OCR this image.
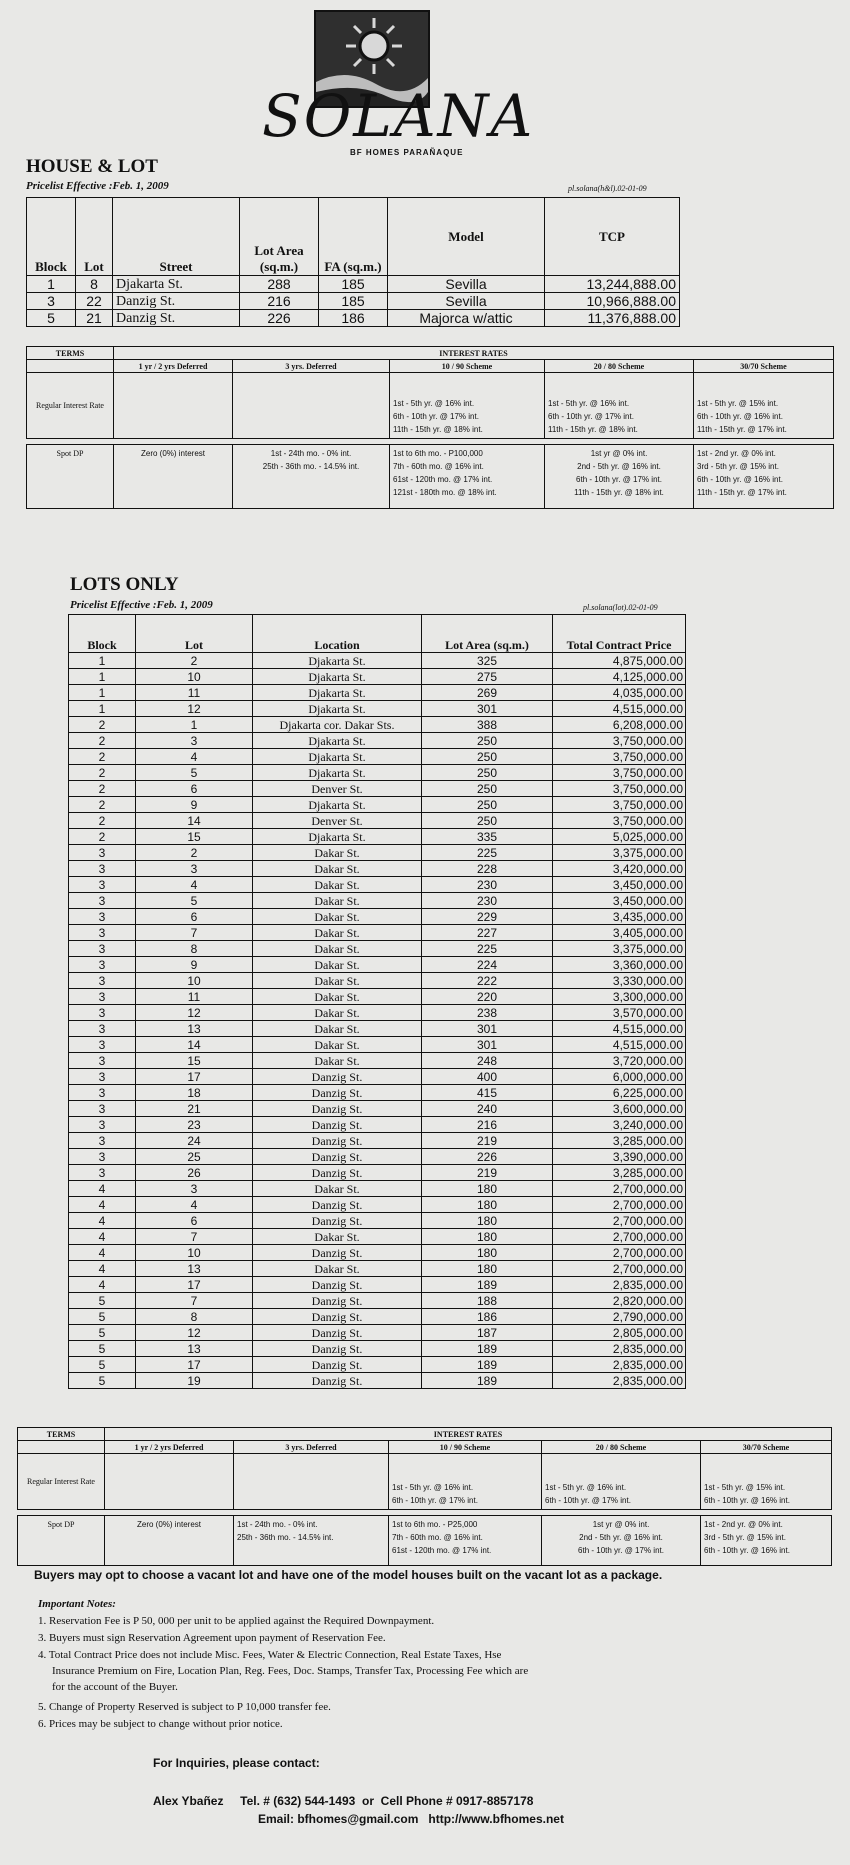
SOLANA
BF HOMES PARAÑAQUE
HOUSE & LOT
Pricelist Effective :Feb. 1, 2009	pl.solana(h&l).02-01-09
Block	Lot	Street	Lot Area (sq.m.)	FA (sq.m.)	Model	TCP
1	8	Djakarta St.	288	185	Sevilla	13,244,888.00
3	22	Danzig St.	216	185	Sevilla	10,966,888.00
5	21	Danzig St.	226	186	Majorca w/attic	11,376,888.00
TERMS	INTEREST RATES				
	1 yr / 2 yrs Deferred	3 yrs. Deferred	10 / 90 Scheme	20 / 80 Scheme	30/70 Scheme
Regular Interest Rate			1st - 5th yr. @ 16% int.
6th - 10th yr. @ 17% int.
11th - 15th yr. @ 18% int.	1st - 5th yr. @ 16% int.
6th - 10th yr. @ 17% int.
11th - 15th yr. @ 18% int.	1st - 5th yr. @ 15% int.
6th - 10th yr. @ 16% int.
11th - 15th yr. @ 17% int.

Spot DP	Zero (0%) interest	1st - 24th mo. - 0% int.
25th - 36th mo. - 14.5% int.	1st to 6th mo. - P100,000
7th - 60th mo. @ 16% int.
61st - 120th mo. @ 17% int.
121st - 180th mo. @ 18% int.	1st yr @ 0% int.
2nd - 5th yr. @ 16% int.
6th - 10th yr. @ 17% int.
11th - 15th yr. @ 18% int.	1st - 2nd yr. @ 0% int.
3rd - 5th yr. @ 15% int.
6th - 10th yr. @ 16% int.
11th - 15th yr. @ 17% int.
LOTS ONLY
Pricelist Effective :Feb. 1, 2009	pl.solana(lot).02-01-09
Block	Lot	Location	Lot Area (sq.m.)	Total Contract Price
1	2	Djakarta St.	325	4,875,000.00
1	10	Djakarta St.	275	4,125,000.00
1	11	Djakarta St.	269	4,035,000.00
1	12	Djakarta St.	301	4,515,000.00
2	1	Djakarta cor. Dakar Sts.	388	6,208,000.00
2	3	Djakarta St.	250	3,750,000.00
2	4	Djakarta St.	250	3,750,000.00
2	5	Djakarta St.	250	3,750,000.00
2	6	Denver St.	250	3,750,000.00
2	9	Djakarta St.	250	3,750,000.00
2	14	Denver St.	250	3,750,000.00
2	15	Djakarta St.	335	5,025,000.00
3	2	Dakar St.	225	3,375,000.00
3	3	Dakar St.	228	3,420,000.00
3	4	Dakar St.	230	3,450,000.00
3	5	Dakar St.	230	3,450,000.00
3	6	Dakar St.	229	3,435,000.00
3	7	Dakar St.	227	3,405,000.00
3	8	Dakar St.	225	3,375,000.00
3	9	Dakar St.	224	3,360,000.00
3	10	Dakar St.	222	3,330,000.00
3	11	Dakar St.	220	3,300,000.00
3	12	Dakar St.	238	3,570,000.00
3	13	Dakar St.	301	4,515,000.00
3	14	Dakar St.	301	4,515,000.00
3	15	Dakar St.	248	3,720,000.00
3	17	Danzig St.	400	6,000,000.00
3	18	Danzig St.	415	6,225,000.00
3	21	Danzig St.	240	3,600,000.00
3	23	Danzig St.	216	3,240,000.00
3	24	Danzig St.	219	3,285,000.00
3	25	Danzig St.	226	3,390,000.00
3	26	Danzig St.	219	3,285,000.00
4	3	Dakar St.	180	2,700,000.00
4	4	Danzig St.	180	2,700,000.00
4	6	Danzig St.	180	2,700,000.00
4	7	Dakar St.	180	2,700,000.00
4	10	Danzig St.	180	2,700,000.00
4	13	Dakar St.	180	2,700,000.00
4	17	Danzig St.	189	2,835,000.00
5	7	Danzig St.	188	2,820,000.00
5	8	Danzig St.	186	2,790,000.00
5	12	Danzig St.	187	2,805,000.00
5	13	Danzig St.	189	2,835,000.00
5	17	Danzig St.	189	2,835,000.00
5	19	Danzig St.	189	2,835,000.00
TERMS	INTEREST RATES				
	1 yr / 2 yrs Deferred	3 yrs. Deferred	10 / 90 Scheme	20 / 80 Scheme	30/70 Scheme
Regular Interest Rate			1st - 5th yr. @ 16% int.
6th - 10th yr. @ 17% int.	1st - 5th yr. @ 16% int.
6th - 10th yr. @ 17% int.	1st - 5th yr. @ 15% int.
6th - 10th yr. @ 16% int.

Spot DP	Zero (0%) interest	1st - 24th mo. - 0% int.
25th - 36th mo. - 14.5% int.	1st to 6th mo. - P25,000
7th - 60th mo. @ 16% int.
61st - 120th mo. @ 17% int.	1st yr @ 0% int.
2nd - 5th yr. @ 16% int.
6th - 10th yr. @ 17% int.	1st - 2nd yr. @ 0% int.
3rd - 5th yr. @ 15% int.
6th - 10th yr. @ 16% int.
Buyers may opt to choose a vacant lot and have one of the model houses built on the vacant lot as a package.
Important Notes:
1. Reservation Fee is P 50, 000 per unit to be applied against the Required Downpayment.
3. Buyers must sign Reservation Agreement upon payment of Reservation Fee.
4. Total Contract Price does not include Misc. Fees, Water & Electric Connection, Real Estate Taxes, Hse
Insurance Premium on Fire, Location Plan, Reg. Fees, Doc. Stamps, Transfer Tax, Processing Fee which are
for the account of the Buyer.
5. Change of Property Reserved is subject to P 10,000 transfer fee.
6. Prices may be subject to change without prior notice.
For Inquiries, please contact:
Alex Ybañez     Tel. # (632) 544-1493  or  Cell Phone # 0917-8857178
Email: bfhomes@gmail.com   http://www.bfhomes.net
